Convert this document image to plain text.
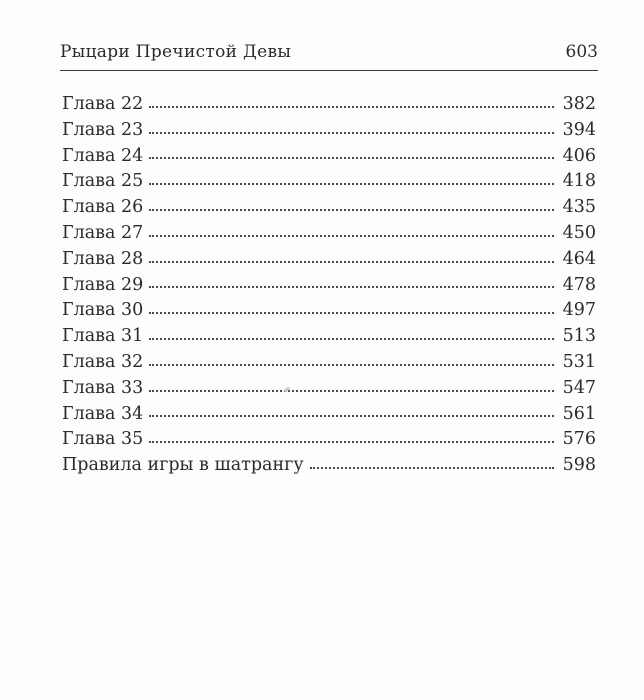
Рыцари Пречистой Девы	603
Глава 22	382
Глава 23	394
Глава 24	406
Глава 25	418
Глава 26	435
Глава 27	450
Глава 28	464
Глава 29	478
Глава 30	497
Глава 31	513
Глава 32	531
Глава 33	547
Глава 34	561
Глава 35	576
Правила игры в шатрангу	598
